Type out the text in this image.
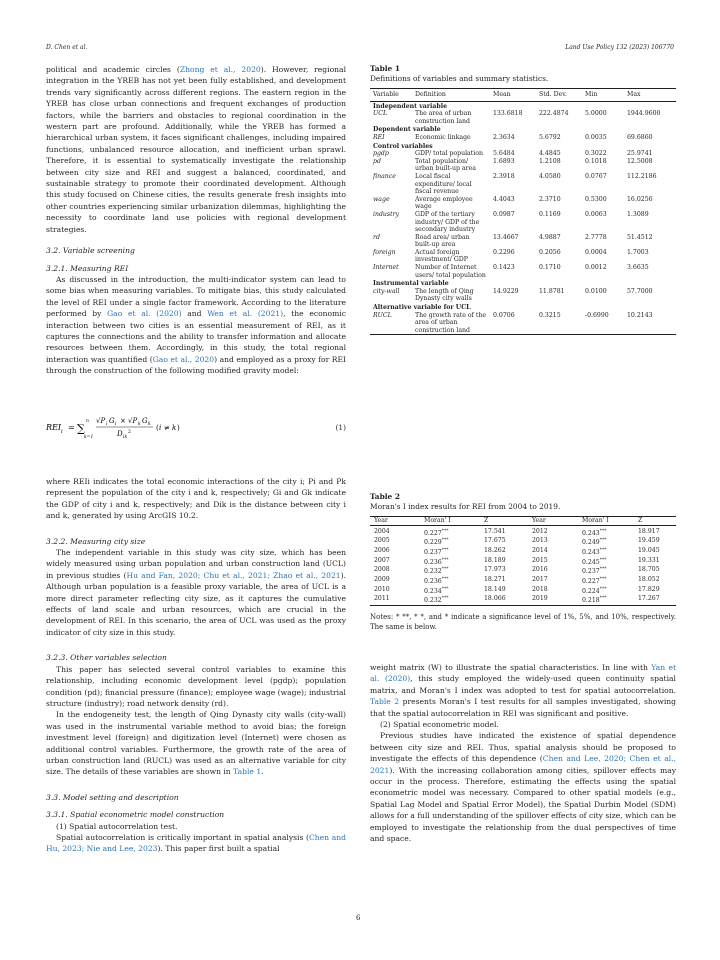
D. Chen et al.	Land Use Policy 132 (2023) 106770

political and academic circles (Zhong et al., 2020). However, regional integration in the YREB has not yet been fully established, and development trends vary significantly across different regions. The eastern region in the YREB has close urban connections and frequent exchanges of production factors, while the barriers and obstacles to regional coordination in the western part are profound. Additionally, while the YREB has formed a hierarchical urban system, it faces significant challenges, including impaired functions, unbalanced resource allocation, and inefficient urban sprawl. Therefore, it is essential to systematically investigate the relationship between city size and REI and suggest a balanced, coordinated, and sustainable strategy to promote their coordinated development. Although this study focused on Chinese cities, the results generate fresh insights into other countries experiencing similar urbanization dilemmas, highlighting the necessity to coordinate land use policies with regional development strategies.

3.2. Variable screening

3.2.1. Measuring REI

As discussed in the introduction, the multi-indicator system can lead to some bias when measuring variables. To mitigate bias, this study calculated the level of REI under a single factor framework. According to the literature performed by Gao et al. (2020) and Wen et al. (2021), the economic interaction between two cities is an essential measurement of REI, as it captures the connections and the ability to transfer information and allocate resources between them. Accordingly, in this study, the total regional interaction was quantified (Gao et al., 2020) and employed as a proxy for REI through the construction of the following modified gravity model:

REI i = ∑
n
k=1
√P i G i × √P k G k
D ik
2
( i ≠ k )	(1)

where REIi indicates the total economic interactions of the city i; Pi and Pk represent the population of the city i and k, respectively; Gi and Gk indicate the GDP of city i and k, respectively; and Dik is the distance between city i and k, generated by using ArcGIS 10.2.

3.2.2. Measuring city size

The independent variable in this study was city size, which has been widely measured using urban population and urban construction land (UCL) in previous studies (Hu and Fan, 2020; Chu et al., 2021; Zhao et al., 2021). Although urban population is a feasible proxy variable, the area of UCL is a more direct parameter reflecting city size, as it captures the cumulative effects of land scale and urban resources, which are crucial in the development of REI. In this scenario, the area of UCL was used as the proxy indicator of city size in this study.

3.2.3. Other variables selection

This paper has selected several control variables to examine this relationship, including economic development level (pgdp); population condition (pd); financial pressure (finance); employee wage (wage); industrial structure (industry); road network density (rd).

In the endogeneity test, the length of Qing Dynasty city walls (city-wall) was used in the instrumental variable method to avoid bias; the foreign investment level (foreign) and digitization level (Internet) were chosen as additional control variables. Furthermore, the growth rate of the area of urban construction land (RUCL) was used as an alternative variable for city size. The details of these variables are shown in Table 1.

3.3. Model setting and description

3.3.1. Spatial econometric model construction

(1) Spatial autocorrelation test.

Spatial autocorrelation is critically important in spatial analysis (Chen and Hu, 2023; Nie and Lee, 2023). This paper first built a spatial

Table 1
Definitions of variables and summary statistics.
Variable	Definition	Mean	Std. Dev.	Min	Max
Independent variable					
UCL	The area of urban construction land	133.6818	222.4874	5.0000	1944.9600
Dependent variable					
REI	Economic linkage	2.3634	5.6792	0.0035	69.6860
Control variables					
pgdp	GDP/ total population	5.6484	4.4845	0.3022	25.9741
pd	Total population/ urban built-up area	1.6893	1.2108	0.1018	12.5008
finance	Local fiscal expenditure/ local fiscal revenue	2.3918	4.0580	0.0767	112.2186
wage	Average employee wage	4.4043	2.3710	0.5300	16.0256
industry	GDP of the tertiary industry/ GDP of the secondary industry	0.0987	0.1169	0.0063	1.3089
rd	Road area/ urban built-up area	13.4667	4.9887	2.7778	51.4512
foreign	Actual foreign investment/ GDP	0.2296	0.2056	0.0004	1.7003
Internet	Number of Internet users/ total population	0.1423	0.1710	0.0012	3.6635
Instrumental variable					
city-wall	The length of Qing Dynasty city walls	14.9229	11.8781	0.0100	57.7000
Alternative variable for UCL					
RUCL	The growth rate of the area of urban construction land	0.0706	0.3215	-0.6990	10.2143
Table 2
Moran's I index results for REI from 2004 to 2019.
Year	Moran' I	Z	Year	Moran' I	Z
2004	0.227***	17.541	2012	0.243***	18.917
2005	0.229***	17.675	2013	0.249***	19.459
2006	0.237***	18.262	2014	0.243***	19.045
2007	0.236***	18.189	2015	0.245***	19.331
2008	0.232***	17.973	2016	0.237***	18.705
2009	0.236***	18.271	2017	0.227***	18.052
2010	0.234***	18.149	2018	0.224***	17.829
2011	0.232***	18.066	2019	0.218***	17.267
Notes: * **, * *, and * indicate a significance level of 1%, 5%, and 10%, respectively. The same is below.

weight matrix (W) to illustrate the spatial characteristics. In line with Yan et al. (2020), this study employed the widely-used queen continuity spatial matrix, and Moran's I index was adopted to test for spatial autocorrelation. Table 2 presents Moran's I test results for all samples investigated, showing that the spatial autocorrelation in REI was significant and positive.

(2) Spatial econometric model.

Previous studies have indicated the existence of spatial dependence between city size and REI. Thus, spatial analysis should be proposed to investigate the effects of this dependence (Chen and Lee, 2020; Chen et al., 2021). With the increasing collaboration among cities, spillover effects may occur in the process. Therefore, estimating the effects using the spatial econometric model was necessary. Compared to other spatial models (e.g., Spatial Lag Model and Spatial Error Model), the Spatial Durbin Model (SDM) allows for a full understanding of the spillover effects of city size, which can be employed to investigate the relationship from the dual perspectives of time and space.

6
